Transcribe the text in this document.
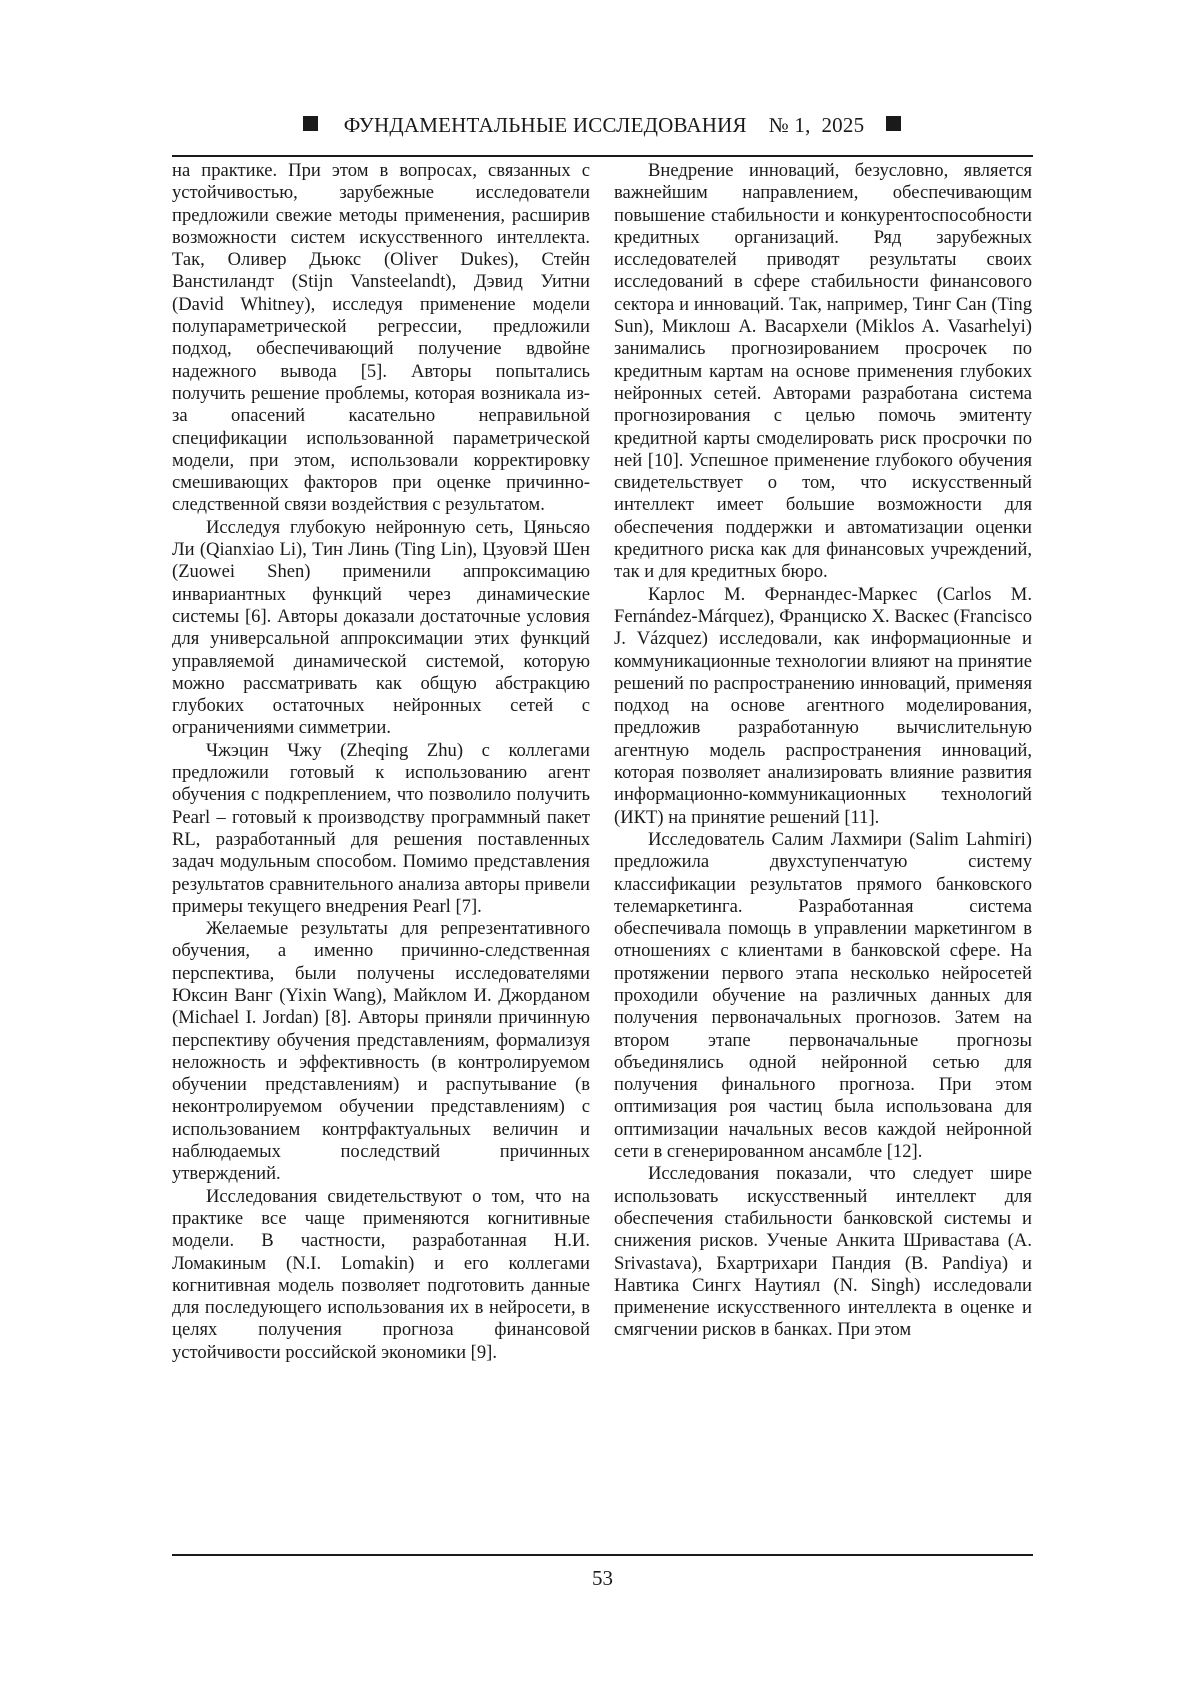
ФУНДАМЕНТАЛЬНЫЕ ИССЛЕДОВАНИЯ № 1, 2025

на практике. При этом в вопросах, связанных с устойчивостью, зарубежные исследователи предложили свежие методы применения, расширив возможности систем искусственного интеллекта. Так, Оливер Дьюкс (Oliver Dukes), Стейн Ванстиландт (Stijn Vansteelandt), Дэвид Уитни (David Whitney), исследуя применение модели полупараметрической регрессии, предложили подход, обеспечивающий получение вдвойне надежного вывода [5]. Авторы попытались получить решение проблемы, которая возникала из-за опасений касательно неправильной спецификации использованной параметрической модели, при этом, использовали корректировку смешивающих факторов при оценке причинно-следственной связи воздействия с результатом.

Исследуя глубокую нейронную сеть, Цяньсяо Ли (Qianxiao Li), Тин Линь (Ting Lin), Цзуовэй Шен (Zuowei Shen) применили аппроксимацию инвариантных функций через динамические системы [6]. Авторы доказали достаточные условия для универсальной аппроксимации этих функций управляемой динамической системой, которую можно рассматривать как общую абстракцию глубоких остаточных нейронных сетей с ограничениями симметрии.

Чжэцин Чжу (Zheqing Zhu) с коллегами предложили готовый к использованию агент обучения с подкреплением, что позволило получить Pearl – готовый к производству программный пакет RL, разработанный для решения поставленных задач модульным способом. Помимо представления результатов сравнительного анализа авторы привели примеры текущего внедрения Pearl [7].

Желаемые результаты для репрезентативного обучения, а именно причинно-следственная перспектива, были получены исследователями Юксин Ванг (Yixin Wang), Майклом И. Джорданом (Michael I. Jordan) [8]. Авторы приняли причинную перспективу обучения представлениям, формализуя неложность и эффективность (в контролируемом обучении представлениям) и распутывание (в неконтролируемом обучении представлениям) с использованием контрфактуальных величин и наблюдаемых последствий причинных утверждений.

Исследования свидетельствуют о том, что на практике все чаще применяются когнитивные модели. В частности, разработанная Н.И. Ломакиным (N.I. Lomakin) и его коллегами когнитивная модель позволяет подготовить данные для последующего использования их в нейросети, в целях получения прогноза финансовой устойчивости российской экономики [9].

Внедрение инноваций, безусловно, является важнейшим направлением, обеспечивающим повышение стабильности и конкурентоспособности кредитных организаций. Ряд зарубежных исследователей приводят результаты своих исследований в сфере стабильности финансового сектора и инноваций. Так, например, Тинг Сан (Ting Sun), Миклош А. Васархели (Miklos A. Vasarhelyi) занимались прогнозированием просрочек по кредитным картам на основе применения глубоких нейронных сетей. Авторами разработана система прогнозирования с целью помочь эмитенту кредитной карты смоделировать риск просрочки по ней [10]. Успешное применение глубокого обучения свидетельствует о том, что искусственный интеллект имеет большие возможности для обеспечения поддержки и автоматизации оценки кредитного риска как для финансовых учреждений, так и для кредитных бюро.

Карлос М. Фернандес-Маркес (Carlos M. Fernández-Márquez), Франциско Х. Васкес (Francisco J. Vázquez) исследовали, как информационные и коммуникационные технологии влияют на принятие решений по распространению инноваций, применяя подход на основе агентного моделирования, предложив разработанную вычислительную агентную модель распространения инноваций, которая позволяет анализировать влияние развития информационно-коммуникационных технологий (ИКТ) на принятие решений [11].

Исследователь Салим Лахмири (Salim Lahmiri) предложила двухступенчатую систему классификации результатов прямого банковского телемаркетинга. Разработанная система обеспечивала помощь в управлении маркетингом в отношениях с клиентами в банковской сфере. На протяжении первого этапа несколько нейросетей проходили обучение на различных данных для получения первоначальных прогнозов. Затем на втором этапе первоначальные прогнозы объединялись одной нейронной сетью для получения финального прогноза. При этом оптимизация роя частиц была использована для оптимизации начальных весов каждой нейронной сети в сгенерированном ансамбле [12].

Исследования показали, что следует шире использовать искусственный интеллект для обеспечения стабильности банковской системы и снижения рисков. Ученые Анкита Шривастава (A. Srivastava), Бхартрихари Пандия (B. Pandiya) и Навтика Сингх Наутиял (N. Singh) исследовали применение искусственного интеллекта в оценке и смягчении рисков в банках. При этом

53
